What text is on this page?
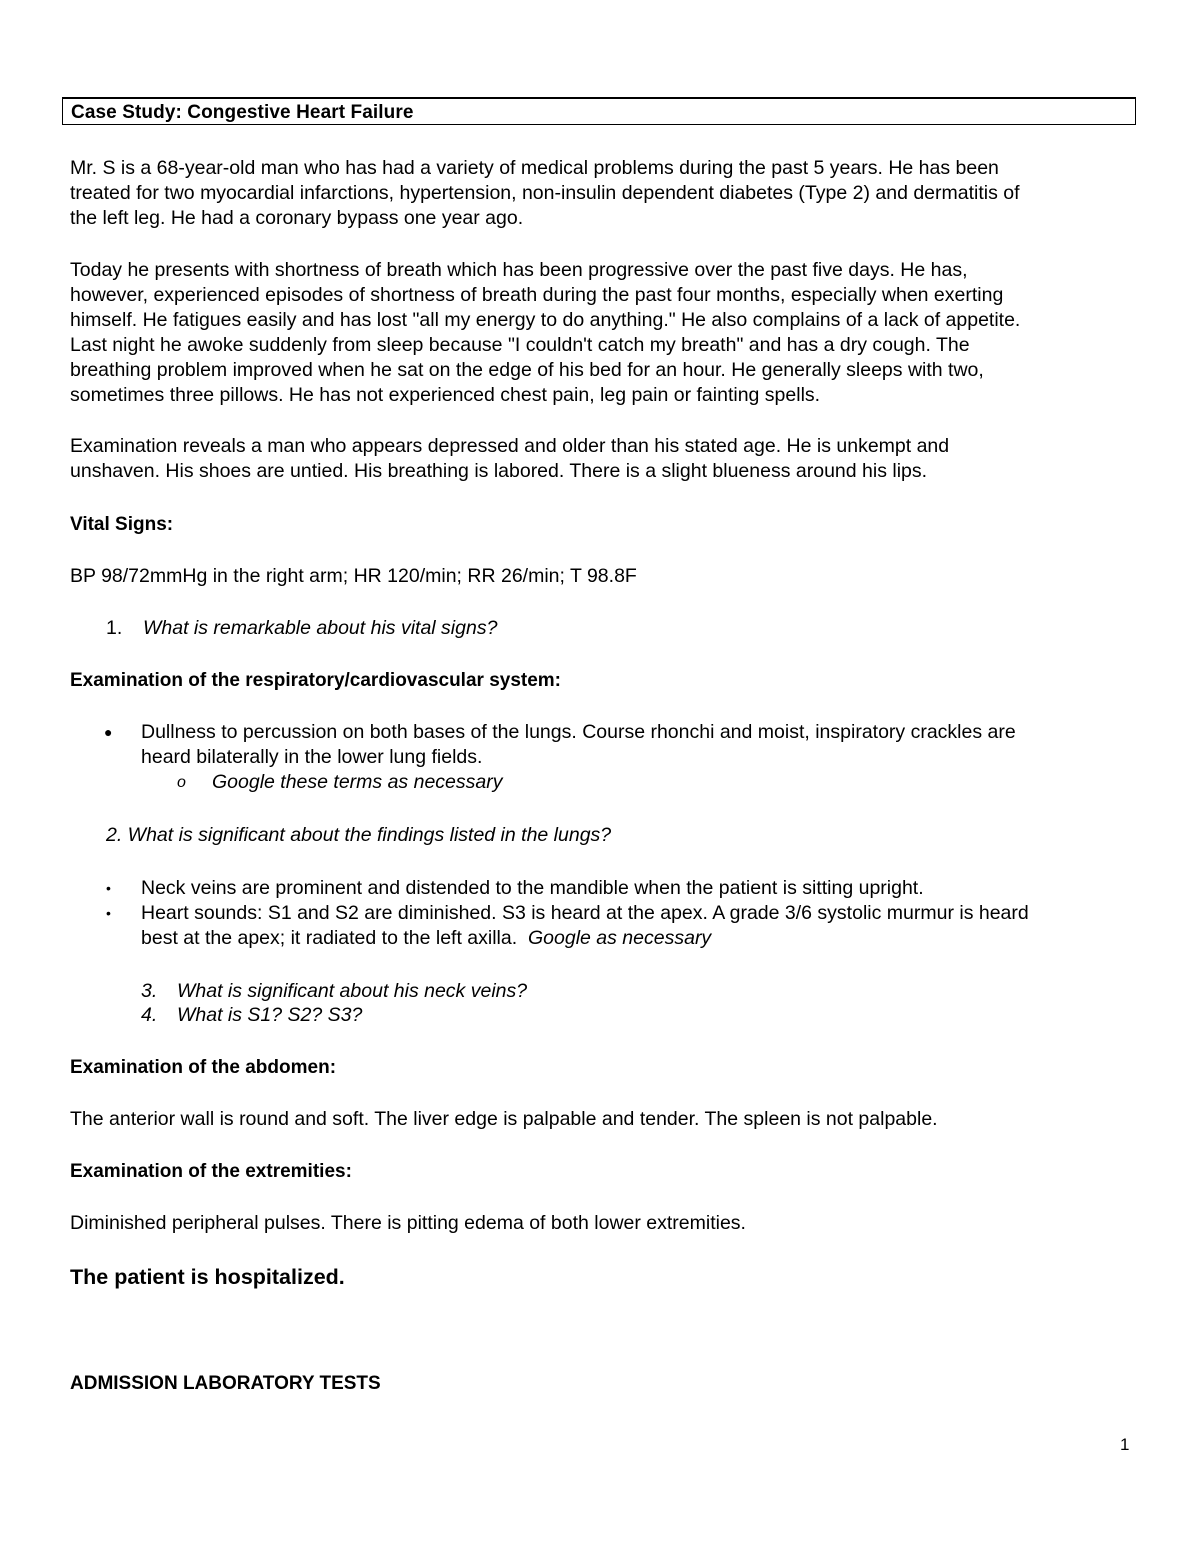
Case Study: Congestive Heart Failure
Mr. S is a 68-year-old man who has had a variety of medical problems during the past 5 years. He has been
treated for two myocardial infarctions, hypertension, non-insulin dependent diabetes (Type 2) and dermatitis of
the left leg. He had a coronary bypass one year ago.
Today he presents with shortness of breath which has been progressive over the past five days. He has,
however, experienced episodes of shortness of breath during the past four months, especially when exerting
himself. He fatigues easily and has lost "all my energy to do anything." He also complains of a lack of appetite.
Last night he awoke suddenly from sleep because "I couldn't catch my breath" and has a dry cough. The
breathing problem improved when he sat on the edge of his bed for an hour. He generally sleeps with two,
sometimes three pillows. He has not experienced chest pain, leg pain or fainting spells.
Examination reveals a man who appears depressed and older than his stated age. He is unkempt and
unshaven. His shoes are untied. His breathing is labored. There is a slight blueness around his lips.
Vital Signs:
BP 98/72mmHg in the right arm; HR 120/min; RR 26/min; T 98.8F
1. What is remarkable about his vital signs?
Examination of the respiratory/cardiovascular system:
● Dullness to percussion on both bases of the lungs. Course rhonchi and moist, inspiratory crackles are
heard bilaterally in the lower lung fields.
o Google these terms as necessary
2. What is significant about the findings listed in the lungs?
• Neck veins are prominent and distended to the mandible when the patient is sitting upright.
• Heart sounds: S1 and S2 are diminished. S3 is heard at the apex. A grade 3/6 systolic murmur is heard
best at the apex; it radiated to the left axilla. Google as necessary
3. What is significant about his neck veins?
4. What is S1? S2? S3?
Examination of the abdomen:
The anterior wall is round and soft. The liver edge is palpable and tender. The spleen is not palpable.
Examination of the extremities:
Diminished peripheral pulses. There is pitting edema of both lower extremities.
The patient is hospitalized.
ADMISSION LABORATORY TESTS
1
